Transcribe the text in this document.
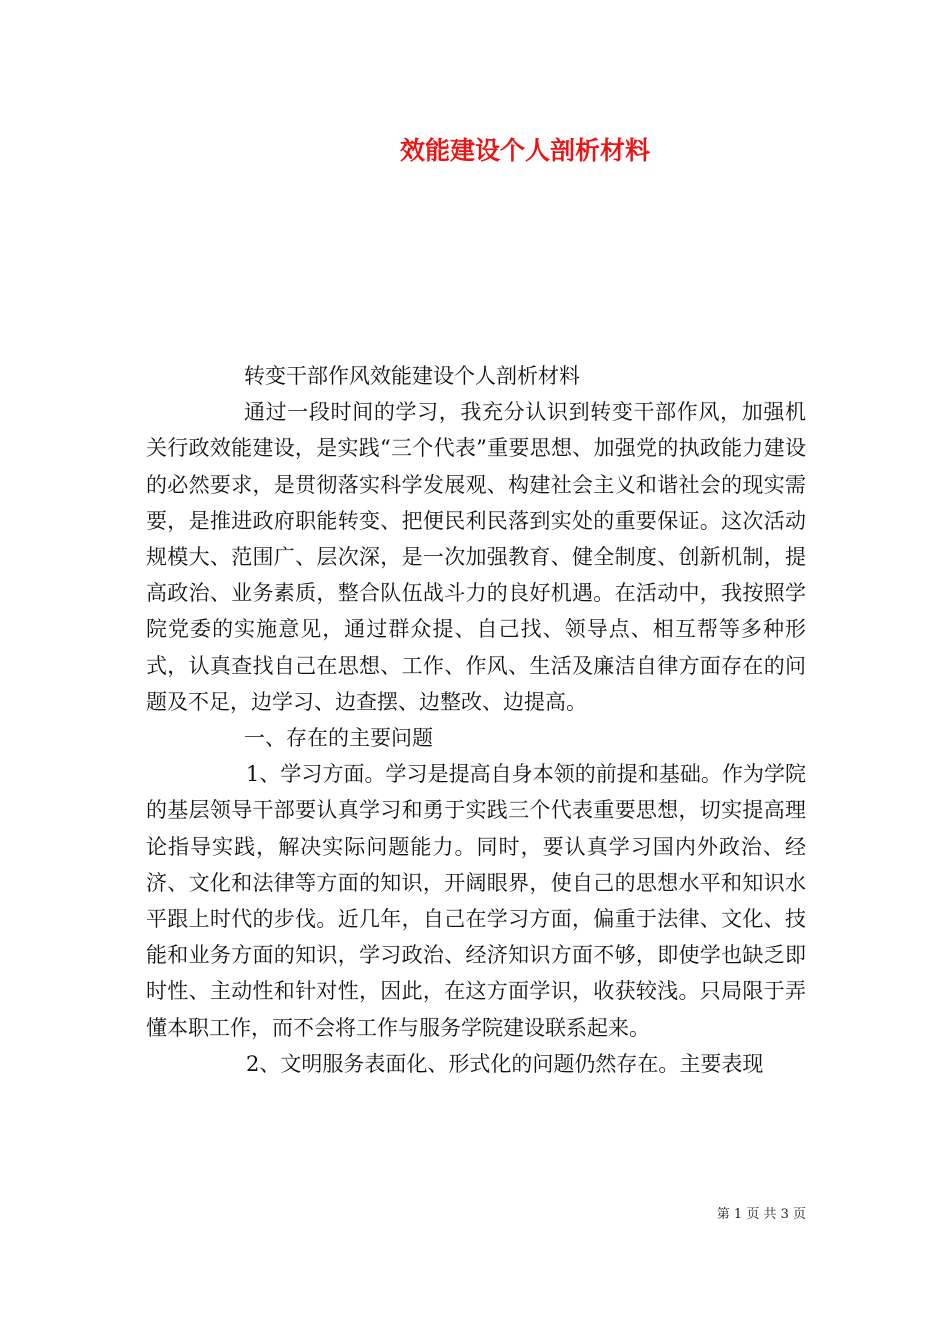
效能建设个人剖析材料

转变干部作风效能建设个人剖析材料

通过一段时间的学习，我充分认识到转变干部作风，加强机关行政效能建设，是实践“三个代表”重要思想、加强党的执政能力建设的必然要求，是贯彻落实科学发展观、构建社会主义和谐社会的现实需要，是推进政府职能转变、把便民利民落到实处的重要保证。这次活动规模大、范围广、层次深，是一次加强教育、健全制度、创新机制，提高政治、业务素质，整合队伍战斗力的良好机遇。在活动中，我按照学院党委的实施意见，通过群众提、自己找、领导点、相互帮等多种形式，认真查找自己在思想、工作、作风、生活及廉洁自律方面存在的问题及不足，边学习、边查摆、边整改、边提高。

一、存在的主要问题

1、学习方面。学习是提高自身本领的前提和基础。作为学院的基层领导干部要认真学习和勇于实践三个代表重要思想，切实提高理论指导实践，解决实际问题能力。同时，要认真学习国内外政治、经济、文化和法律等方面的知识，开阔眼界，使自己的思想水平和知识水平跟上时代的步伐。近几年，自己在学习方面，偏重于法律、文化、技能和业务方面的知识，学习政治、经济知识方面不够，即使学也缺乏即时性、主动性和针对性，因此，在这方面学识，收获较浅。只局限于弄懂本职工作，而不会将工作与服务学院建设联系起来。

2、文明服务表面化、形式化的问题仍然存在。主要表现

第 1 页 共 3 页
